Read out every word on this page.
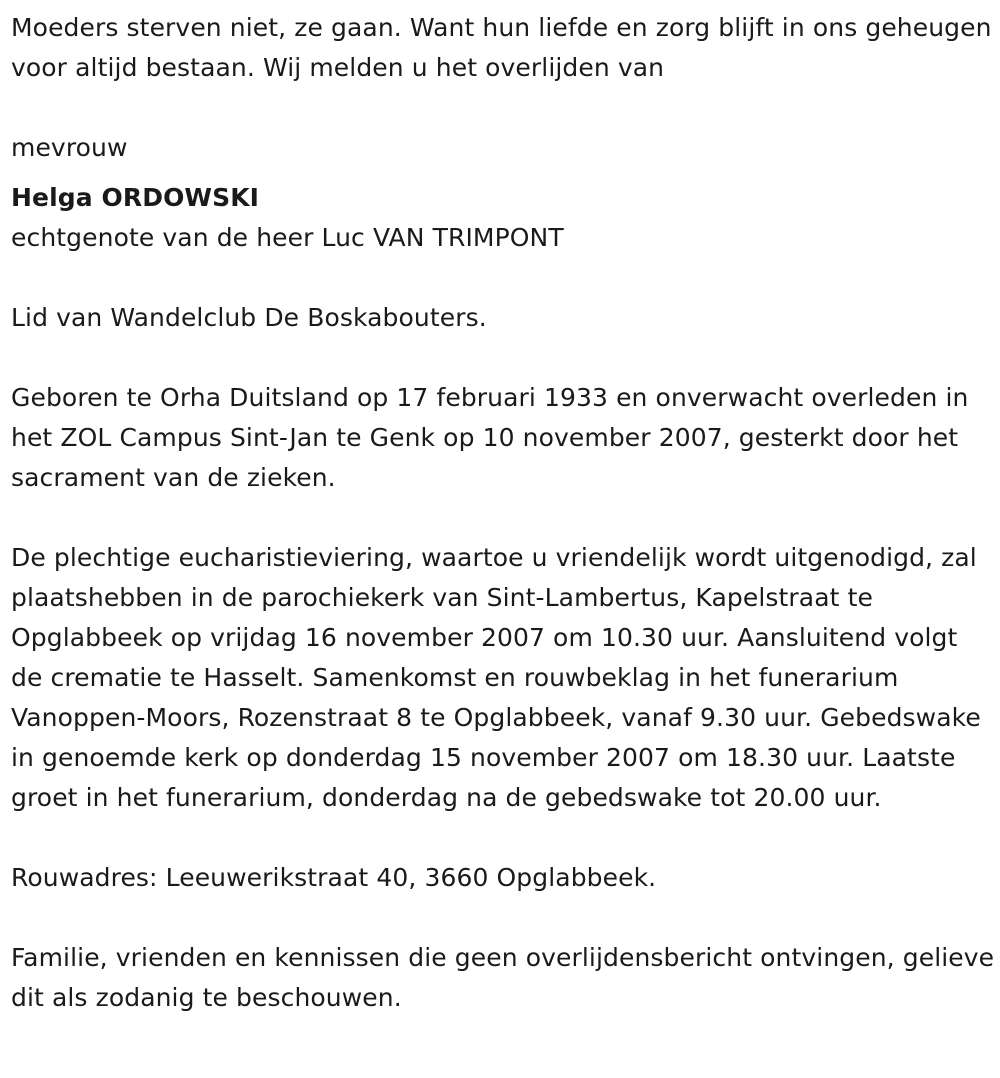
Moeders sterven niet, ze gaan. Want hun liefde en zorg blijft in ons geheugen voor altijd bestaan. Wij melden u het overlijden van

mevrouw

Helga ORDOWSKI

echtgenote van de heer Luc VAN TRIMPONT

Lid van Wandelclub De Boskabouters.

Geboren te Orha Duitsland op 17 februari 1933 en onverwacht overleden in het ZOL Campus Sint-Jan te Genk op 10 november 2007, gesterkt door het sacrament van de zieken.

De plechtige eucharistieviering, waartoe u vriendelijk wordt uitgenodigd, zal plaatshebben in de parochiekerk van Sint-Lambertus, Kapelstraat te Opglabbeek op vrijdag 16 november 2007 om 10.30 uur. Aansluitend volgt de crematie te Hasselt. Samenkomst en rouwbeklag in het funerarium Vanoppen-Moors, Rozenstraat 8 te Opglabbeek, vanaf 9.30 uur. Gebedswake in genoemde kerk op donderdag 15 november 2007 om 18.30 uur. Laatste groet in het funerarium, donderdag na de gebedswake tot 20.00 uur.

Rouwadres: Leeuwerikstraat 40, 3660 Opglabbeek.

Familie, vrienden en kennissen die geen overlijdensbericht ontvingen, gelieve dit als zodanig te beschouwen.
